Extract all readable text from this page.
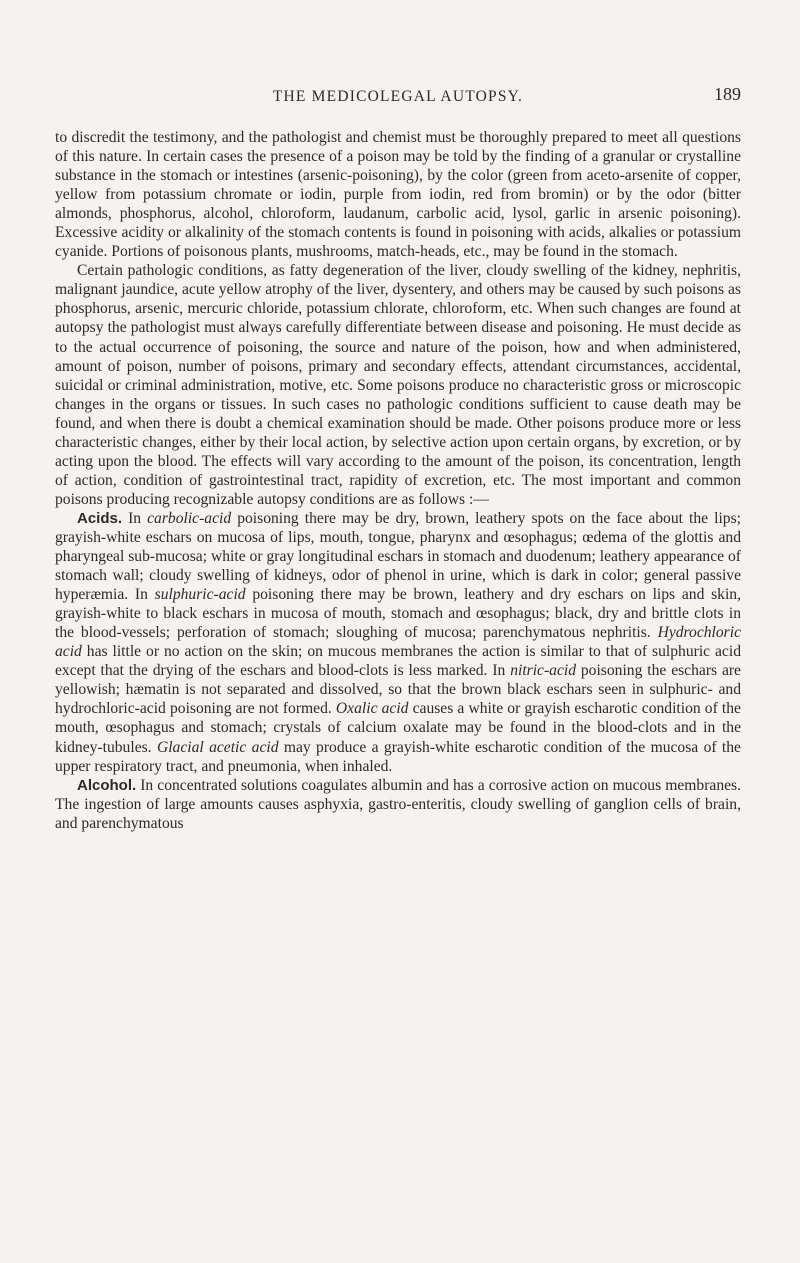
THE MEDICOLEGAL AUTOPSY.	189

to discredit the testimony, and the pathologist and chemist must be thoroughly prepared to meet all questions of this nature. In certain cases the presence of a poison may be told by the finding of a granular or crystalline substance in the stomach or intestines (arsenic-poisoning), by the color (green from aceto-arsenite of copper, yellow from potassium chromate or iodin, purple from iodin, red from bromin) or by the odor (bitter almonds, phosphorus, alcohol, chloroform, laudanum, carbolic acid, lysol, garlic in arsenic poisoning). Excessive acidity or alkalinity of the stomach contents is found in poisoning with acids, alkalies or potassium cyanide. Portions of poisonous plants, mushrooms, match-heads, etc., may be found in the stomach.

Certain pathologic conditions, as fatty degeneration of the liver, cloudy swelling of the kidney, nephritis, malignant jaundice, acute yellow atrophy of the liver, dysentery, and others may be caused by such poisons as phosphorus, arsenic, mercuric chloride, potassium chlorate, chloroform, etc. When such changes are found at autopsy the pathologist must always carefully differentiate between disease and poisoning. He must decide as to the actual occurrence of poisoning, the source and nature of the poison, how and when administered, amount of poison, number of poisons, primary and secondary effects, attendant circumstances, accidental, suicidal or criminal administration, motive, etc. Some poisons produce no characteristic gross or microscopic changes in the organs or tissues. In such cases no pathologic conditions sufficient to cause death may be found, and when there is doubt a chemical examination should be made. Other poisons produce more or less characteristic changes, either by their local action, by selective action upon certain organs, by excretion, or by acting upon the blood. The effects will vary according to the amount of the poison, its concentration, length of action, condition of gastrointestinal tract, rapidity of excretion, etc. The most important and common poisons producing recognizable autopsy conditions are as follows :—

Acids. In carbolic-acid poisoning there may be dry, brown, leathery spots on the face about the lips; grayish-white eschars on mucosa of lips, mouth, tongue, pharynx and œsophagus; œdema of the glottis and pharyngeal sub-mucosa; white or gray longitudinal eschars in stomach and duodenum; leathery appearance of stomach wall; cloudy swelling of kidneys, odor of phenol in urine, which is dark in color; general passive hyperæmia. In sulphuric-acid poisoning there may be brown, leathery and dry eschars on lips and skin, grayish-white to black eschars in mucosa of mouth, stomach and œsophagus; black, dry and brittle clots in the blood-vessels; perforation of stomach; sloughing of mucosa; parenchymatous nephritis. Hydrochloric acid has little or no action on the skin; on mucous membranes the action is similar to that of sulphuric acid except that the drying of the eschars and blood-clots is less marked. In nitric-acid poisoning the eschars are yellowish; hæmatin is not separated and dissolved, so that the brown black eschars seen in sulphuric- and hydrochloric-acid poisoning are not formed. Oxalic acid causes a white or grayish escharotic condition of the mouth, œsophagus and stomach; crystals of calcium oxalate may be found in the blood-clots and in the kidney-tubules. Glacial acetic acid may produce a grayish-white escharotic condition of the mucosa of the upper respiratory tract, and pneumonia, when inhaled.

Alcohol. In concentrated solutions coagulates albumin and has a corrosive action on mucous membranes. The ingestion of large amounts causes asphyxia, gastro-enteritis, cloudy swelling of ganglion cells of brain, and parenchymatous
